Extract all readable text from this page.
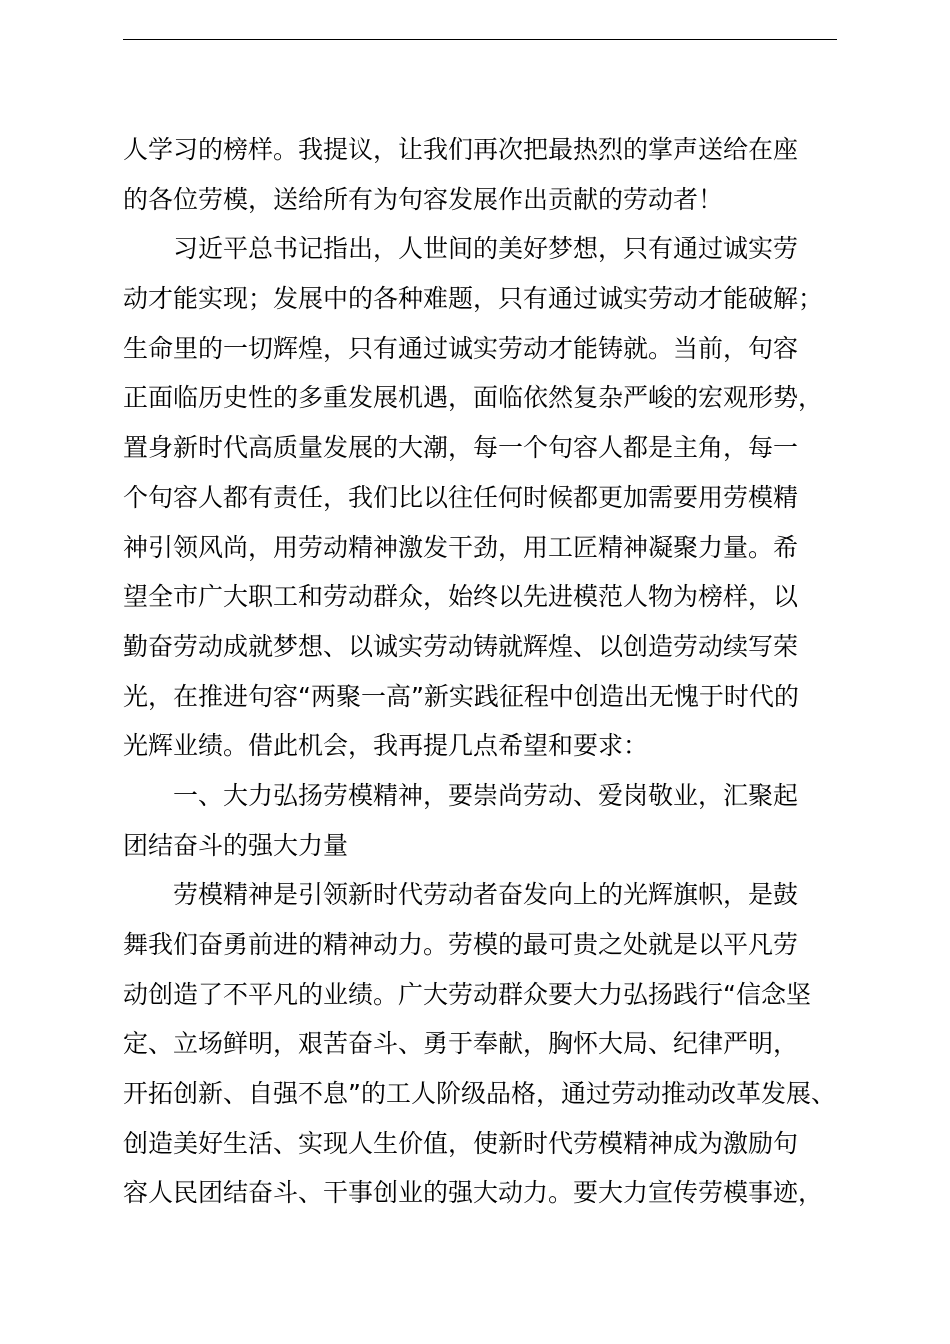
人学习的榜样。我提议，让我们再次把最热烈的掌声送给在座
的各位劳模，送给所有为句容发展作出贡献的劳动者！
　　习近平总书记指出，人世间的美好梦想，只有通过诚实劳
动才能实现；发展中的各种难题，只有通过诚实劳动才能破解；
生命里的一切辉煌，只有通过诚实劳动才能铸就。当前，句容
正面临历史性的多重发展机遇，面临依然复杂严峻的宏观形势，
置身新时代高质量发展的大潮，每一个句容人都是主角，每一
个句容人都有责任，我们比以往任何时候都更加需要用劳模精
神引领风尚，用劳动精神激发干劲，用工匠精神凝聚力量。希
望全市广大职工和劳动群众，始终以先进模范人物为榜样，以
勤奋劳动成就梦想、以诚实劳动铸就辉煌、以创造劳动续写荣
光，在推进句容“两聚一高”新实践征程中创造出无愧于时代的
光辉业绩。借此机会，我再提几点希望和要求：
　　一、大力弘扬劳模精神，要崇尚劳动、爱岗敬业，汇聚起
团结奋斗的强大力量
　　劳模精神是引领新时代劳动者奋发向上的光辉旗帜，是鼓
舞我们奋勇前进的精神动力。劳模的最可贵之处就是以平凡劳
动创造了不平凡的业绩。广大劳动群众要大力弘扬践行“信念坚
定、立场鲜明，艰苦奋斗、勇于奉献，胸怀大局、纪律严明，
开拓创新、自强不息”的工人阶级品格，通过劳动推动改革发展、
创造美好生活、实现人生价值，使新时代劳模精神成为激励句
容人民团结奋斗、干事创业的强大动力。要大力宣传劳模事迹，
